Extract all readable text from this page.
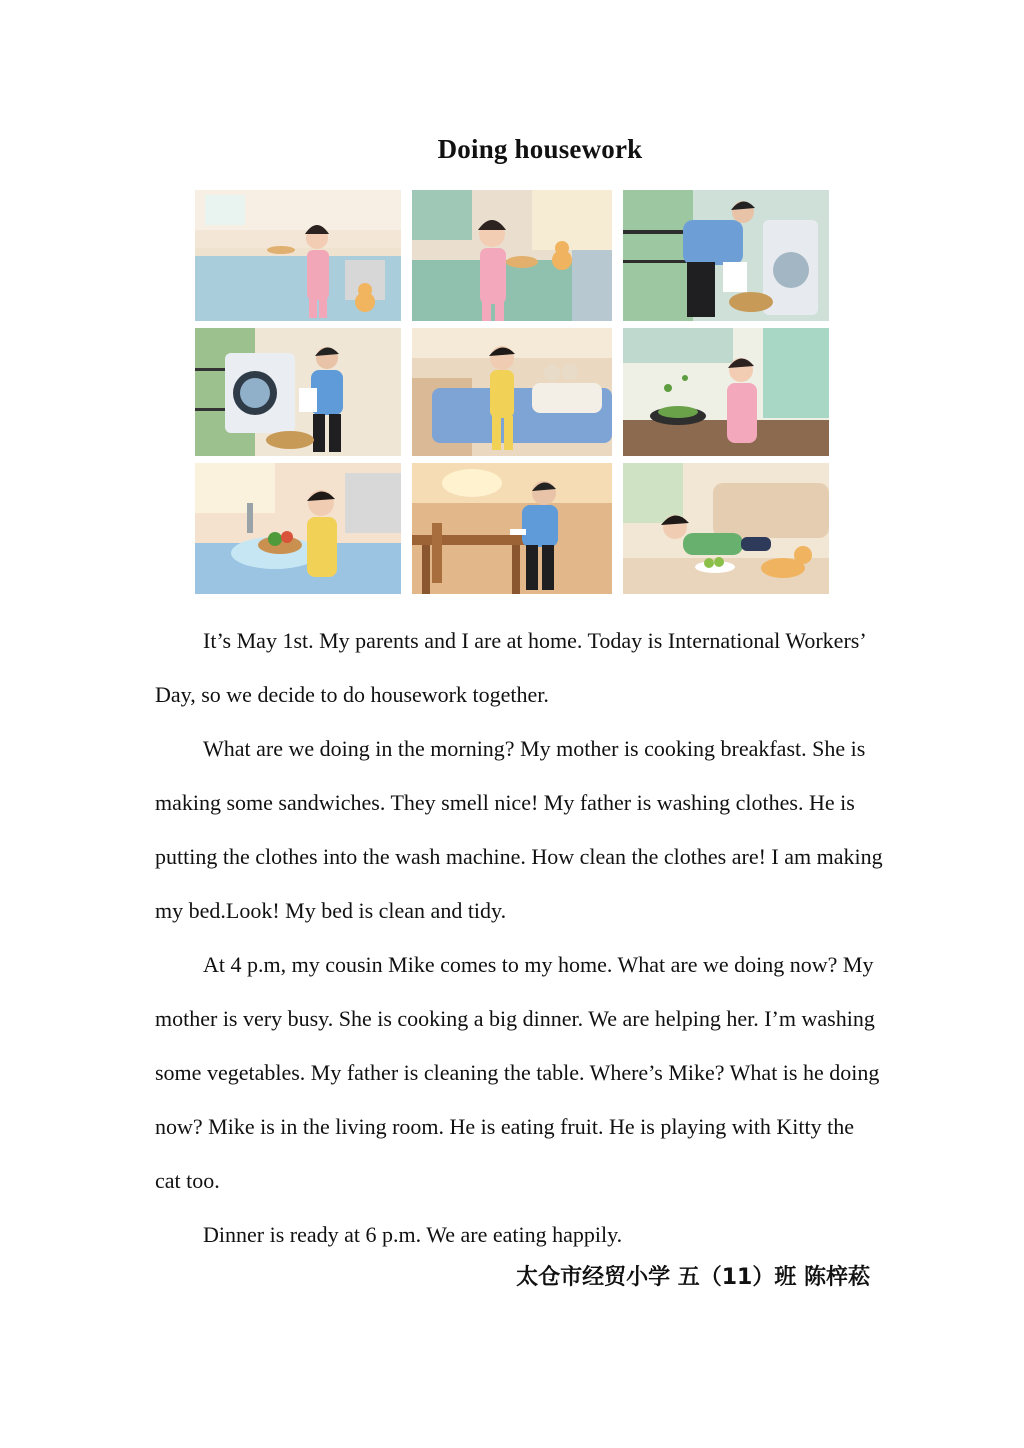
Doing housework

It’s May 1st. My parents and I are at home. Today is International Workers’ Day, so we decide to do housework together.

What are we doing in the morning? My mother is cooking breakfast. She is making some sandwiches. They smell nice! My father is washing clothes. He is putting the clothes into the wash machine. How clean the clothes are! I am making my bed.Look! My bed is clean and tidy.

At 4 p.m, my cousin Mike comes to my home. What are we doing now? My mother is very busy. She is cooking a big dinner. We are helping her. I’m washing some vegetables. My father is cleaning the table. Where’s Mike? What is he doing now? Mike is in the living room. He is eating fruit. He is playing with Kitty the cat too.

Dinner is ready at 6 p.m. We are eating happily.

太仓市经贸小学 五（11）班 陈梓菘
